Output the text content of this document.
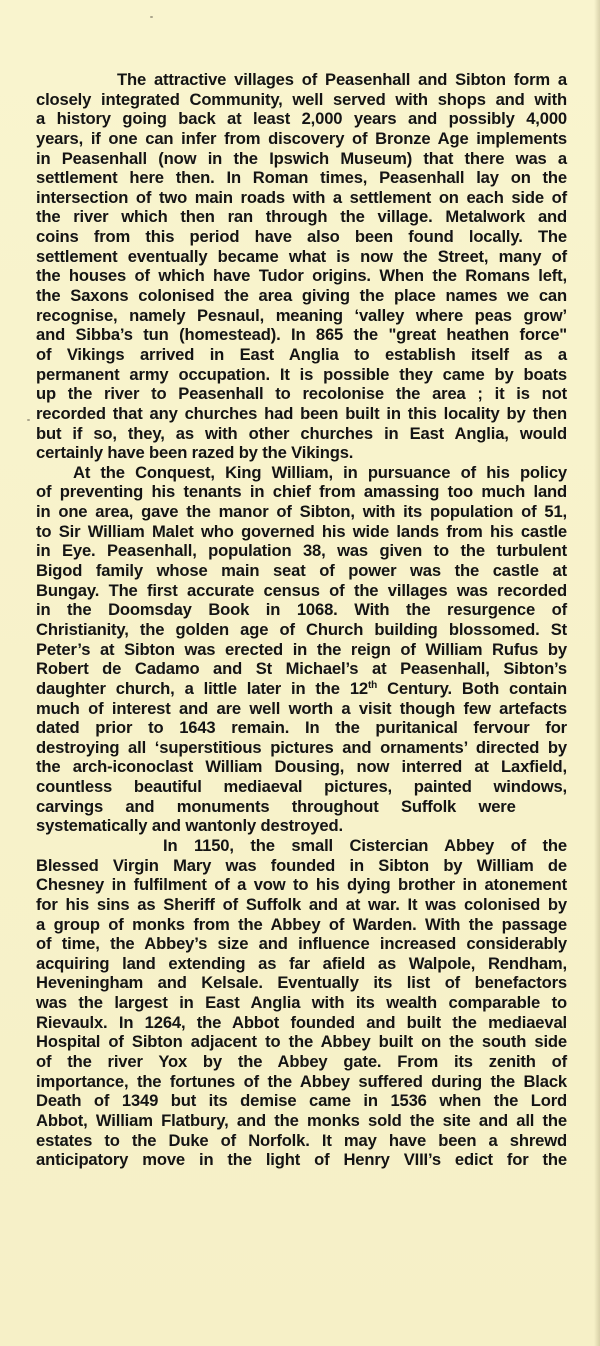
The attractive villages of Peasenhall and Sibton form a
closely integrated Community, well served with shops and with
a history going back at least 2,000 years and possibly 4,000
years, if one can infer from discovery of Bronze Age implements
in Peasenhall (now in the Ipswich Museum) that there was a
settlement here then. In Roman times, Peasenhall lay on the
intersection of two main roads with a settlement on each side of
the river which then ran through the village. Metalwork and
coins from this period have also been found locally. The
settlement eventually became what is now the Street, many of
the houses of which have Tudor origins. When the Romans left,
the Saxons colonised the area giving the place names we can
recognise, namely Pesnaul, meaning ‘valley where peas grow’
and Sibba’s tun (homestead). In 865 the "great heathen force"
of Vikings arrived in East Anglia to establish itself as a
permanent army occupation. It is possible they came by boats
up the river to Peasenhall to recolonise the area ; it is not
recorded that any churches had been built in this locality by then
but if so, they, as with other churches in East Anglia, would
certainly have been razed by the Vikings.

At the Conquest, King William, in pursuance of his policy
of preventing his tenants in chief from amassing too much land
in one area, gave the manor of Sibton, with its population of 51,
to Sir William Malet who governed his wide lands from his castle
in Eye. Peasenhall, population 38, was given to the turbulent
Bigod family whose main seat of power was the castle at
Bungay. The first accurate census of the villages was recorded
in the Doomsday Book in 1068. With the resurgence of
Christianity, the golden age of Church building blossomed. St
Peter’s at Sibton was erected in the reign of William Rufus by
Robert de Cadamo and St Michael’s at Peasenhall, Sibton’s
daughter church, a little later in the 12th Century. Both contain
much of interest and are well worth a visit though few artefacts
dated prior to 1643 remain. In the puritanical fervour for
destroying all ‘superstitious pictures and ornaments’ directed by
the arch-iconoclast William Dousing, now interred at Laxfield,
countless beautiful mediaeval pictures, painted windows,
carvings     and     monuments     throughout     Suffolk     were
systematically and wantonly destroyed.

In 1150, the small Cistercian Abbey of the
Blessed Virgin Mary was founded in Sibton by William de
Chesney in fulfilment of a vow to his dying brother in atonement
for his sins as Sheriff of Suffolk and at war. It was colonised by
a group of monks from the Abbey of Warden. With the passage
of time, the Abbey’s size and influence increased considerably
acquiring land extending as far afield as Walpole, Rendham,
Heveningham and Kelsale. Eventually its list of benefactors
was the largest in East Anglia with its wealth comparable to
Rievaulx. In 1264, the Abbot founded and built the mediaeval
Hospital of Sibton adjacent to the Abbey built on the south side
of the river Yox by the Abbey gate. From its zenith of
importance, the fortunes of the Abbey suffered during the Black
Death of 1349 but its demise came in 1536 when the Lord
Abbot, William Flatbury, and the monks sold the site and all the
estates to the Duke of Norfolk. It may have been a shrewd
anticipatory move in the light of Henry VIII’s edict for the
